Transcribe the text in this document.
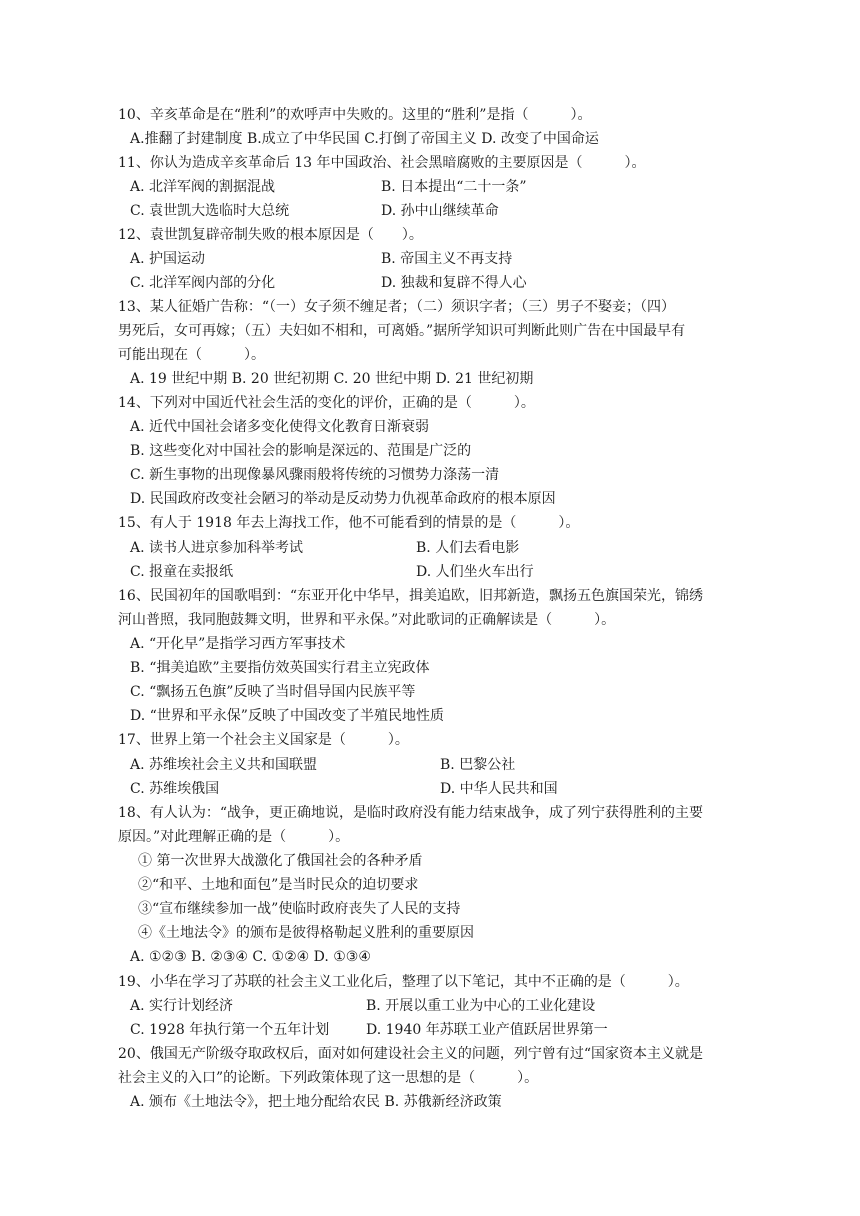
10、辛亥革命是在“胜利”的欢呼声中失败的。这里的“胜利”是指（　　　）。
A.推翻了封建制度 B.成立了中华民国 C.打倒了帝国主义 D. 改变了中国命运
11、你认为造成辛亥革命后 13 年中国政治、社会黑暗腐败的主要原因是（　　　）。
A. 北洋军阀的割据混战	B. 日本提出“二十一条”
C. 袁世凯大选临时大总统	D. 孙中山继续革命
12、袁世凯复辟帝制失败的根本原因是（　　）。
A. 护国运动	B. 帝国主义不再支持
C. 北洋军阀内部的分化	D. 独裁和复辟不得人心
13、某人征婚广告称：“（一）女子须不缠足者；（二）须识字者；（三）男子不娶妾；（四）
男死后，女可再嫁；（五）夫妇如不相和，可离婚。”据所学知识可判断此则广告在中国最早有
可能出现在（　　　）。
A. 19 世纪中期 B. 20 世纪初期 C. 20 世纪中期 D. 21 世纪初期
14、下列对中国近代社会生活的变化的评价，正确的是（　　　）。
A. 近代中国社会诸多变化使得文化教育日渐衰弱
B. 这些变化对中国社会的影响是深远的、范围是广泛的
C. 新生事物的出现像暴风骤雨般将传统的习惯势力涤荡一清
D. 民国政府改变社会陋习的举动是反动势力仇视革命政府的根本原因
15、有人于 1918 年去上海找工作，他不可能看到的情景的是（　　　）。
A. 读书人进京参加科举考试	B. 人们去看电影
C. 报童在卖报纸	D. 人们坐火车出行
16、民国初年的国歌唱到：“东亚开化中华早，揖美追欧，旧邦新造，飘扬五色旗国荣光，锦绣
河山普照，我同胞鼓舞文明，世界和平永保。”对此歌词的正确解读是（　　　）。
A. “开化早”是指学习西方军事技术
B. “揖美追欧”主要指仿效英国实行君主立宪政体
C. “飘扬五色旗”反映了当时倡导国内民族平等
D. “世界和平永保”反映了中国改变了半殖民地性质
17、世界上第一个社会主义国家是（　　　）。
A. 苏维埃社会主义共和国联盟	B. 巴黎公社
C. 苏维埃俄国	D. 中华人民共和国
18、有人认为：“战争，更正确地说，是临时政府没有能力结束战争，成了列宁获得胜利的主要
原因。”对此理解正确的是（　　　）。
① 第一次世界大战激化了俄国社会的各种矛盾
②“和平、土地和面包”是当时民众的迫切要求
③“宣布继续参加一战”使临时政府丧失了人民的支持
④《土地法令》的颁布是彼得格勒起义胜利的重要原因
A. ①②③ B. ②③④ C. ①②④ D. ①③④
19、小华在学习了苏联的社会主义工业化后，整理了以下笔记，其中不正确的是（　　　）。
A. 实行计划经济	B. 开展以重工业为中心的工业化建设
C. 1928 年执行第一个五年计划	D. 1940 年苏联工业产值跃居世界第一
20、俄国无产阶级夺取政权后，面对如何建设社会主义的问题，列宁曾有过“国家资本主义就是
社会主义的入口”的论断。下列政策体现了这一思想的是（　　　）。
A. 颁布《土地法令》，把土地分配给农民 B. 苏俄新经济政策
